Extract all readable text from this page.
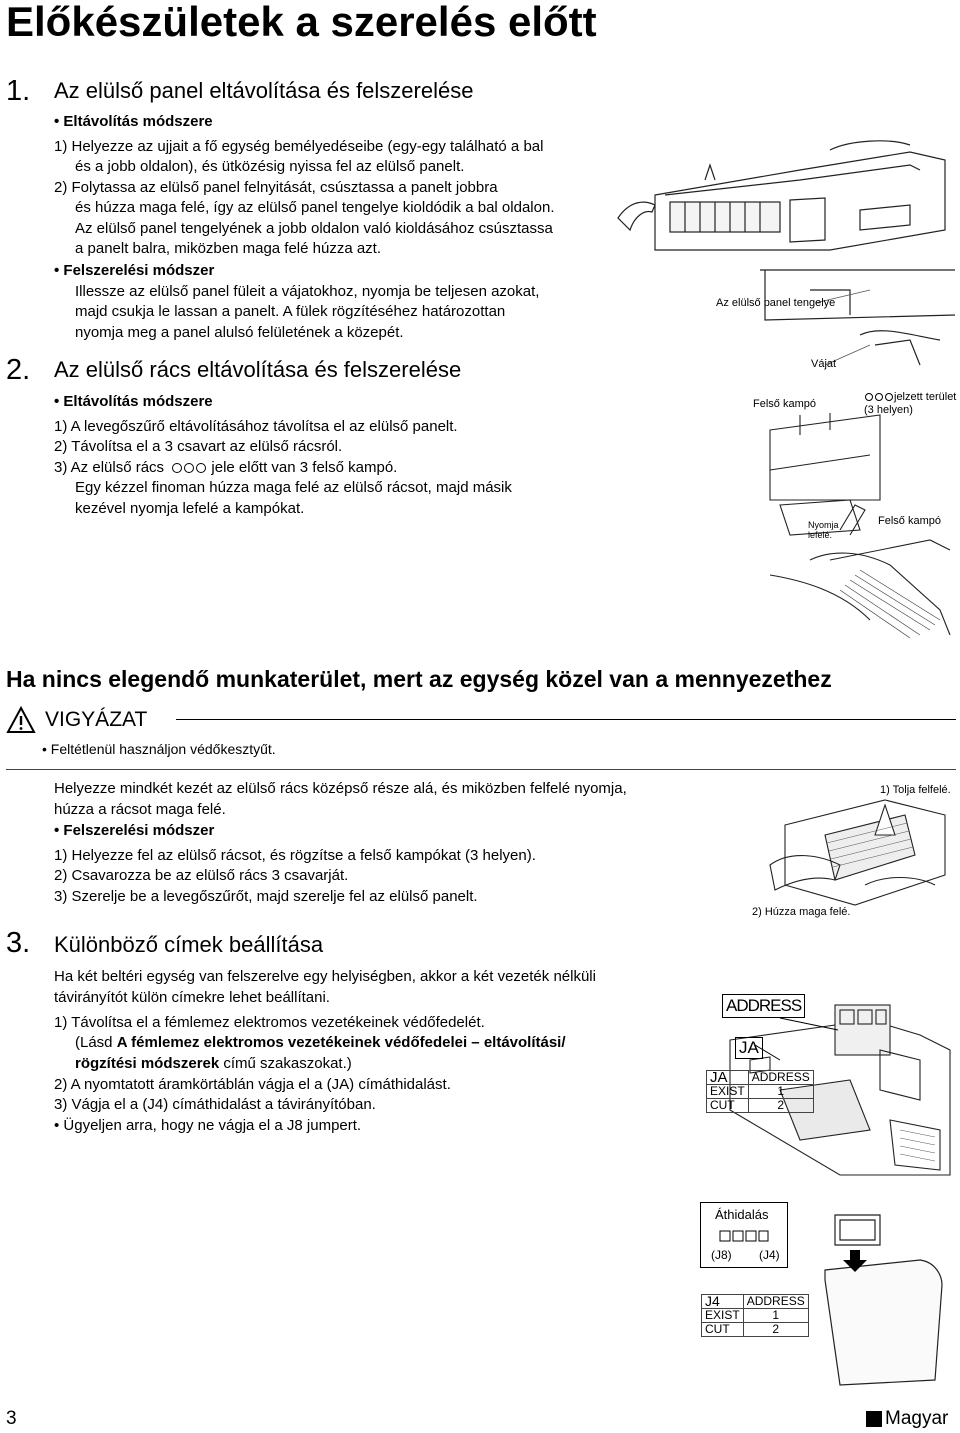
Előkészületek a szerelés előtt
1. Az elülső panel eltávolítása és felszerelése
• Eltávolítás módszere
1) Helyezze az ujjait a fő egység bemélyedéseibe (egy-egy található a bal
és a jobb oldalon), és ütközésig nyissa fel az elülső panelt.
2) Folytassa az elülső panel felnyitását, csúsztassa a panelt jobbra
és húzza maga felé, így az elülső panel tengelye kioldódik a bal oldalon.
Az elülső panel tengelyének a jobb oldalon való kioldásához csúsztassa
a panelt balra, miközben maga felé húzza azt.
• Felszerelési módszer
Illessze az elülső panel füleit a vájatokhoz, nyomja be teljesen azokat,
majd csukja le lassan a panelt. A fülek rögzítéséhez határozottan
nyomja meg a panel alulsó felületének a közepét.
Az elülső panel tengelye
Vájat
2. Az elülső rács eltávolítása és felszerelése
• Eltávolítás módszere
1) A levegőszűrő eltávolításához távolítsa el az elülső panelt.
2) Távolítsa el a 3 csavart az elülső rácsról.
3) Az elülső rács ○ jele előtt van 3 felső kampó.
Egy kézzel finoman húzza maga felé az elülső rácsot, majd másik
kezével nyomja lefelé a kampókat.
Felső kampó
jelzett terület
(3 helyen)
Nyomja
lefelé.
Felső kampó
Ha nincs elegendő munkaterület, mert az egység közel van a mennyezethez
VIGYÁZAT
• Feltétlenül használjon védőkesztyűt.
Helyezze mindkét kezét az elülső rács középső része alá, és miközben felfelé nyomja,
húzza a rácsot maga felé.
• Felszerelési módszer
1) Helyezze fel az elülső rácsot, és rögzítse a felső kampókat (3 helyen).
2) Csavarozza be az elülső rács 3 csavarját.
3) Szerelje be a levegőszűrőt, majd szerelje fel az elülső panelt.
1) Tolja felfelé.
2) Húzza maga felé.
3. Különböző címek beállítása
Ha két beltéri egység van felszerelve egy helyiségben, akkor a két vezeték nélküli
távirányítót külön címekre lehet beállítani.
1) Távolítsa el a fémlemez elektromos vezetékeinek védőfedelét.
(Lásd A fémlemez elektromos vezetékeinek védőfedelei – eltávolítási/
rögzítési módszerek című szakaszokat.)
2) A nyomtatott áramkörtáblán vágja el a (JA) címáthidalást.
3) Vágja el a (J4) címáthidalást a távirányítóban.
• Ügyeljen arra, hogy ne vágja el a J8 jumpert.
ADDRESS
JA
JA	ADDRESS
EXIST	1
CUT	2
Áthidalás
(J8) (J4)
J4	ADDRESS
EXIST	1
CUT	2
3	Magyar
